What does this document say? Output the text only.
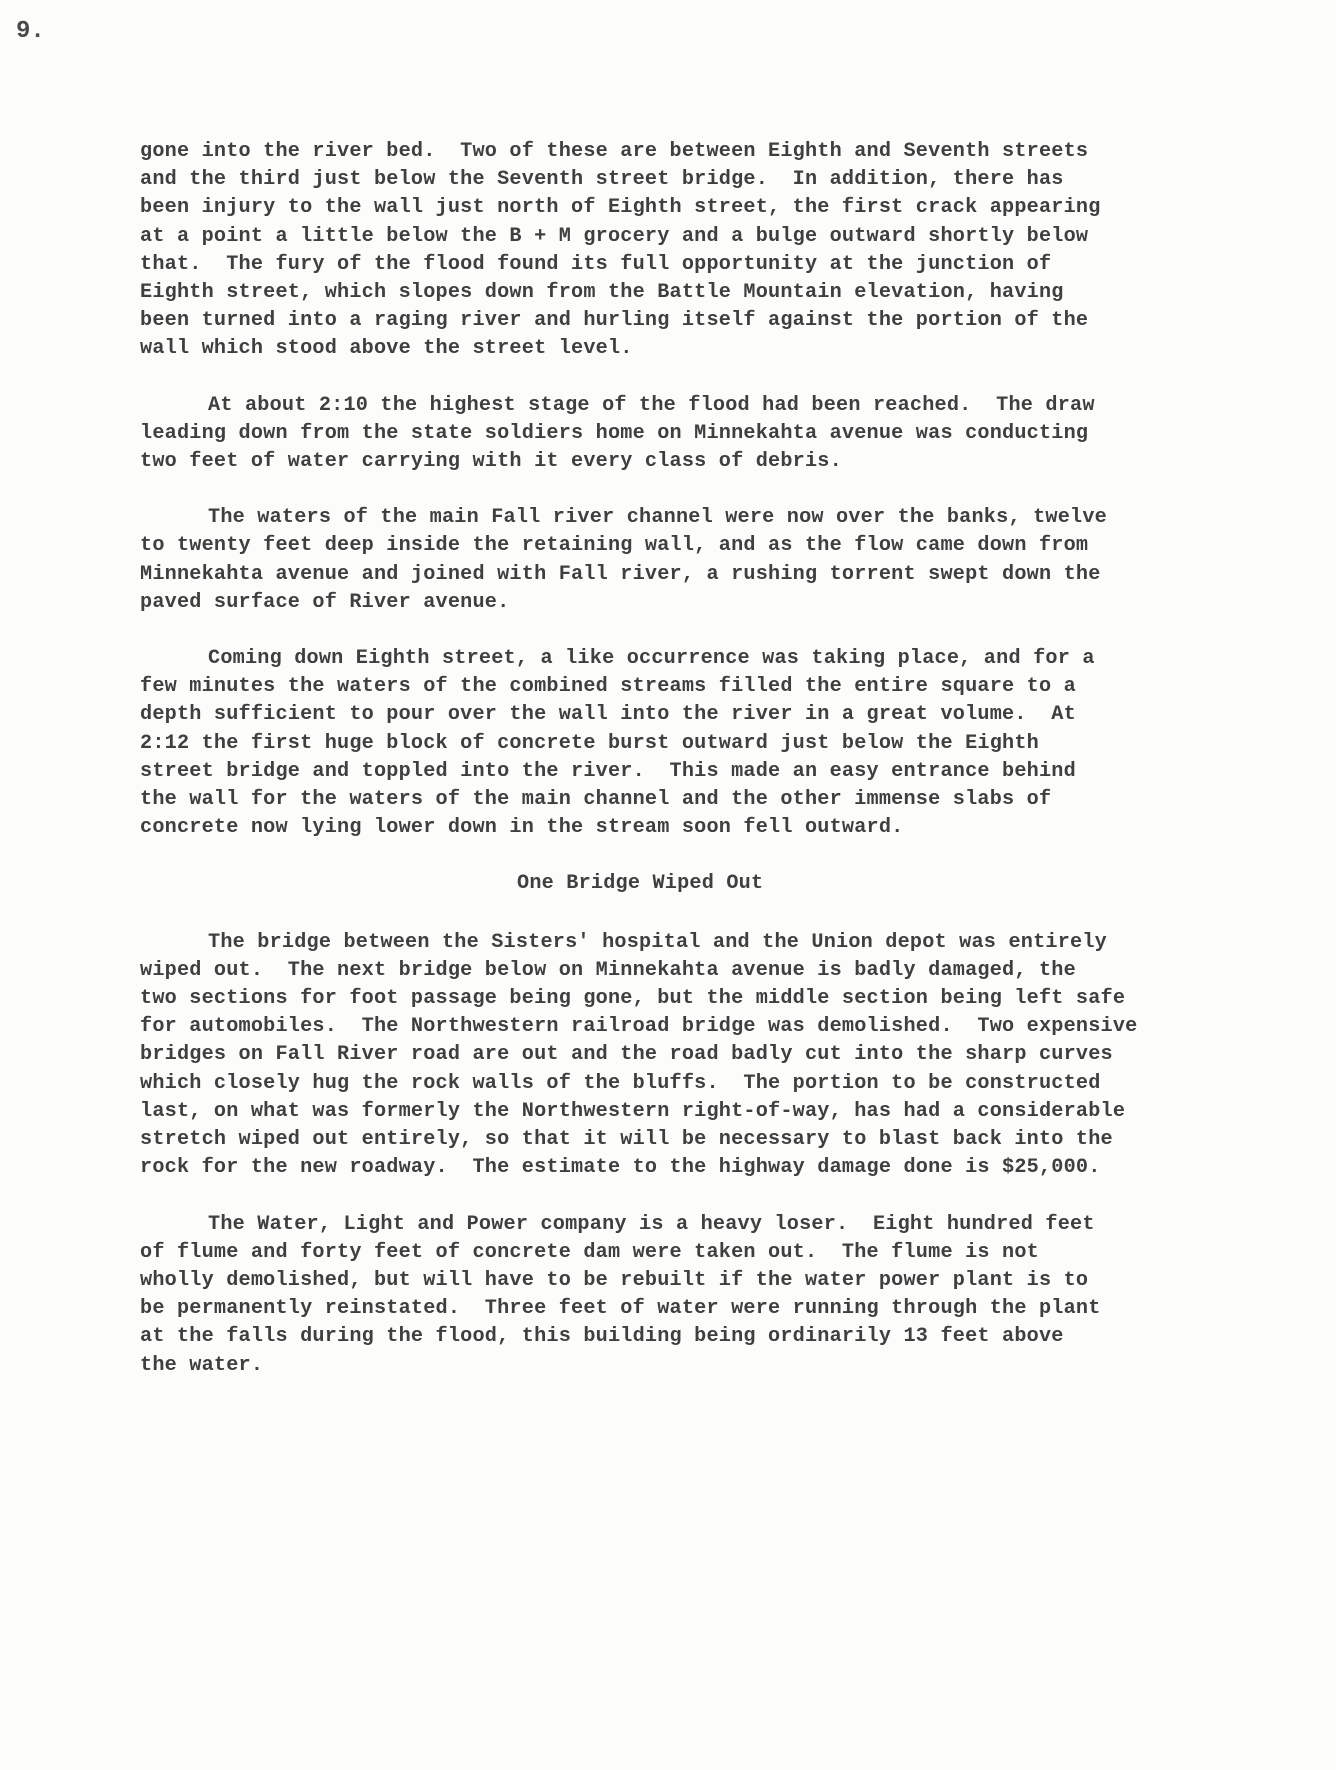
9.
gone into the river bed.  Two of these are between Eighth and Seventh streets
and the third just below the Seventh street bridge.  In addition, there has
been injury to the wall just north of Eighth street, the first crack appearing
at a point a little below the B + M grocery and a bulge outward shortly below
that.  The fury of the flood found its full opportunity at the junction of
Eighth street, which slopes down from the Battle Mountain elevation, having
been turned into a raging river and hurling itself against the portion of the
wall which stood above the street level.
At about 2:10 the highest stage of the flood had been reached.  The draw
leading down from the state soldiers home on Minnekahta avenue was conducting
two feet of water carrying with it every class of debris.
The waters of the main Fall river channel were now over the banks, twelve
to twenty feet deep inside the retaining wall, and as the flow came down from
Minnekahta avenue and joined with Fall river, a rushing torrent swept down the
paved surface of River avenue.
Coming down Eighth street, a like occurrence was taking place, and for a
few minutes the waters of the combined streams filled the entire square to a
depth sufficient to pour over the wall into the river in a great volume.  At
2:12 the first huge block of concrete burst outward just below the Eighth
street bridge and toppled into the river.  This made an easy entrance behind
the wall for the waters of the main channel and the other immense slabs of
concrete now lying lower down in the stream soon fell outward.
One Bridge Wiped Out
The bridge between the Sisters' hospital and the Union depot was entirely
wiped out.  The next bridge below on Minnekahta avenue is badly damaged, the
two sections for foot passage being gone, but the middle section being left safe
for automobiles.  The Northwestern railroad bridge was demolished.  Two expensive
bridges on Fall River road are out and the road badly cut into the sharp curves
which closely hug the rock walls of the bluffs.  The portion to be constructed
last, on what was formerly the Northwestern right-of-way, has had a considerable
stretch wiped out entirely, so that it will be necessary to blast back into the
rock for the new roadway.  The estimate to the highway damage done is $25,000.
The Water, Light and Power company is a heavy loser.  Eight hundred feet
of flume and forty feet of concrete dam were taken out.  The flume is not
wholly demolished, but will have to be rebuilt if the water power plant is to
be permanently reinstated.  Three feet of water were running through the plant
at the falls during the flood, this building being ordinarily 13 feet above
the water.
